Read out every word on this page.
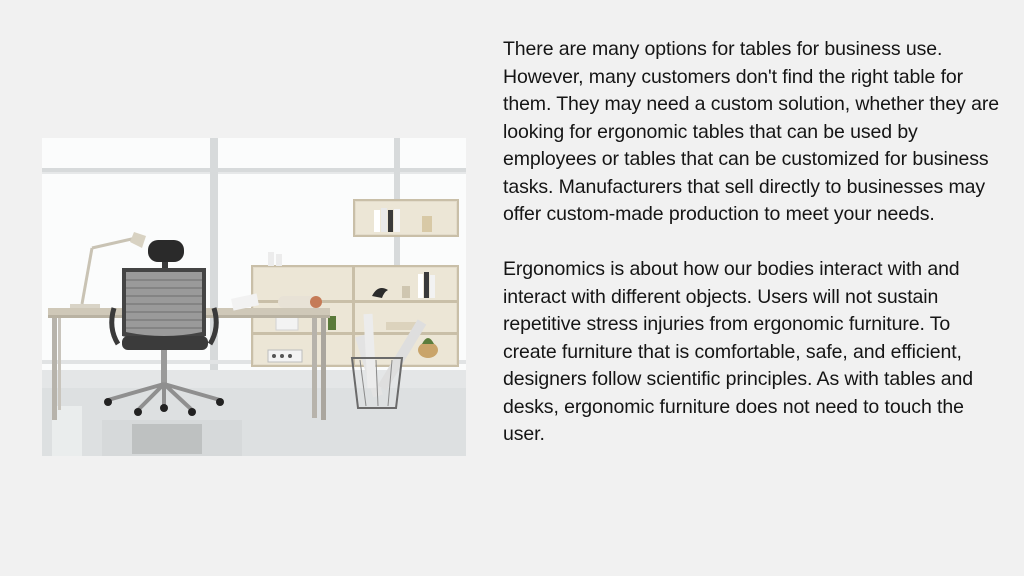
There are many options for tables for business use. However, many customers don't find the right table for them. They may need a custom solution, whether they are looking for ergonomic tables that can be used by employees or tables that can be customized for business tasks. Manufacturers that sell directly to businesses may offer custom-made production to meet your needs.

Ergonomics is about how our bodies interact with and interact with different objects. Users will not sustain repetitive stress injuries from ergonomic furniture. To create furniture that is comfortable, safe, and efficient, designers follow scientific principles. As with tables and desks, ergonomic furniture does not need to touch the user.
